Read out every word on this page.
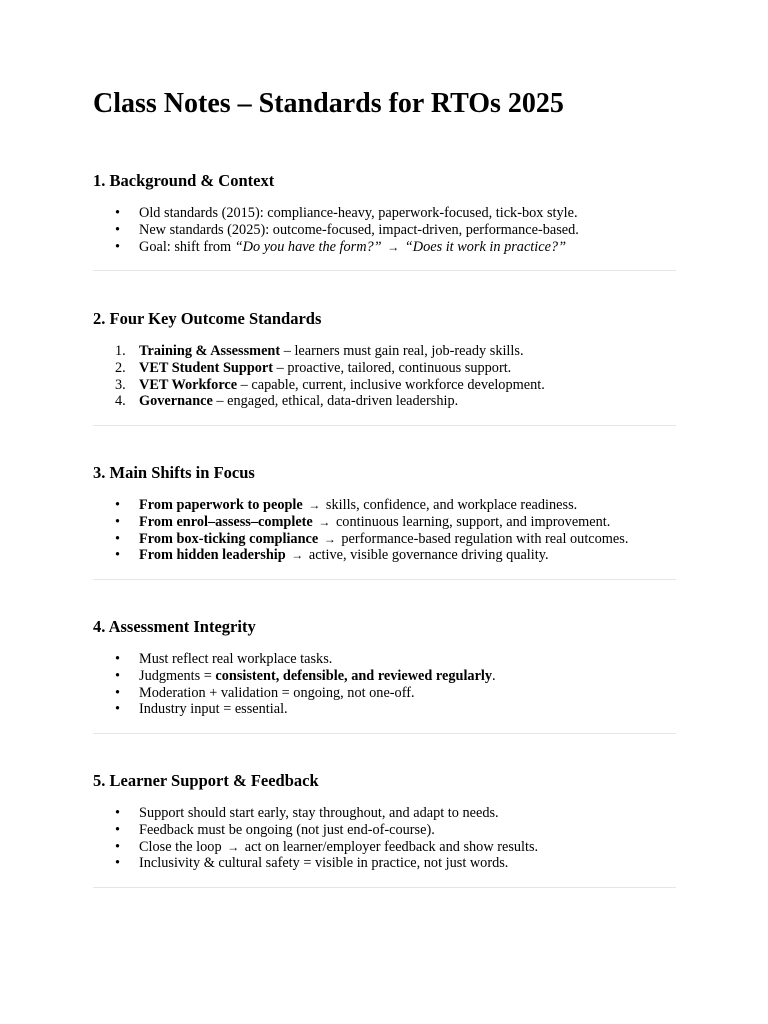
Class Notes – Standards for RTOs 2025
1. Background & Context
• Old standards (2015): compliance-heavy, paperwork-focused, tick-box style.
• New standards (2025): outcome-focused, impact-driven, performance-based.
• Goal: shift from “Do you have the form?” → “Does it work in practice?”
2. Four Key Outcome Standards
1. Training & Assessment – learners must gain real, job-ready skills.
2. VET Student Support – proactive, tailored, continuous support.
3. VET Workforce – capable, current, inclusive workforce development.
4. Governance – engaged, ethical, data-driven leadership.
3. Main Shifts in Focus
• From paperwork to people → skills, confidence, and workplace readiness.
• From enrol–assess–complete → continuous learning, support, and improvement.
• From box-ticking compliance → performance-based regulation with real outcomes.
• From hidden leadership → active, visible governance driving quality.
4. Assessment Integrity
• Must reflect real workplace tasks.
• Judgments = consistent, defensible, and reviewed regularly.
• Moderation + validation = ongoing, not one-off.
• Industry input = essential.
5. Learner Support & Feedback
• Support should start early, stay throughout, and adapt to needs.
• Feedback must be ongoing (not just end-of-course).
• Close the loop → act on learner/employer feedback and show results.
• Inclusivity & cultural safety = visible in practice, not just words.
